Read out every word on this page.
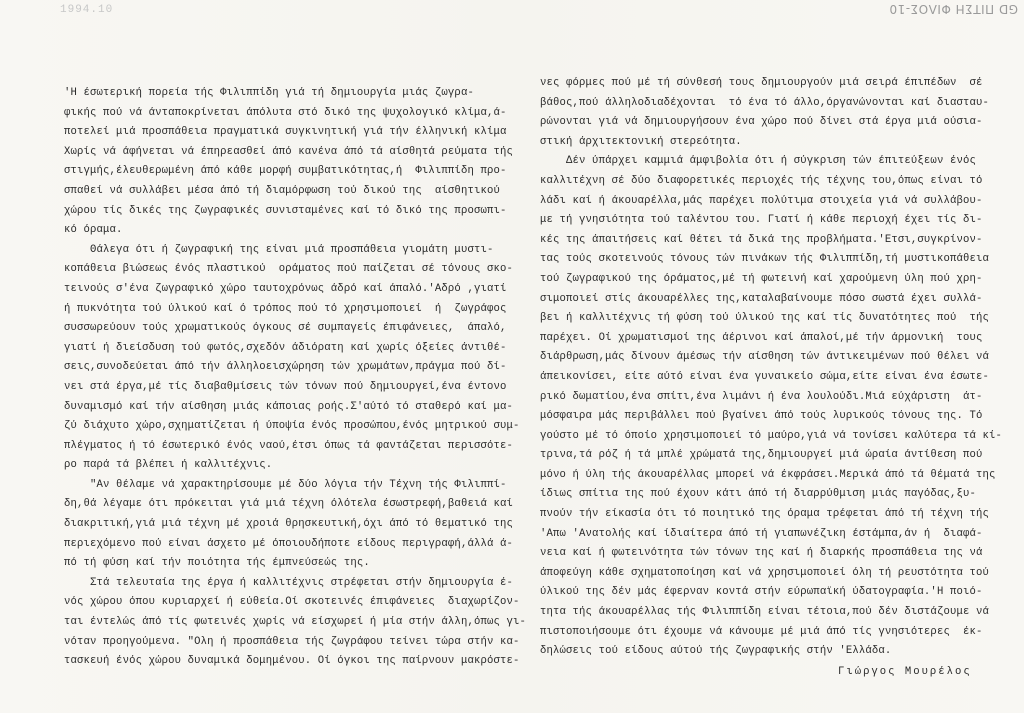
GD ΠΙΤΣΗ ΦΙΛΟΣ-10
1994.10
'Η έσωτερική πορεία τής Φιλιππίδη γιά τή δημιουργία μιάς ζωγρα-
φικής πού νά άνταποκρίνεται άπόλυτα στό δικό της ψυχολογικό κλίμα,ά-
ποτελεί μιά προσπάθεια πραγματικά συγκινητική γιά τήν έλληνική κλίμα
Χωρίς νά άφήνεται νά έπηρεασθεί άπό κανένα άπό τά αίσθητά ρεύματα τής
στιγμής,έλευθερωμένη άπό κάθε μορφή συμβατικότητας,ή  Φιλιππίδη προ-
σπαθεί νά συλλάβει μέσα άπό τή διαμόρφωση τού δικού της  αίσθητικού
χώρου τίς δικές της ζωγραφικές συνισταμένες καί τό δικό της προσωπι-
κό όραμα.
Θάλεγα ότι ή ζωγραφική της είναι μιά προσπάθεια γιομάτη μυστι-
κοπάθεια βιώσεως ένός πλαστικού  οράματος πού παίζεται σέ τόνους σκο-
τεινούς σ'ένα ζωγραφικό χώρο ταυτοχρόνως άδρό καί άπαλό.'Αδρό ,γιατί
ή πυκνότητα τού ύλικού καί ό τρόπος πού τό χρησιμοποιεί  ή  ζωγράφος
συσσωρεύουν τούς χρωματικούς όγκους σέ συμπαγείς έπιφάνειες,  άπαλό,
γιατί ή διείσδυση τού φωτός,σχεδόν άδιόρατη καί χωρίς όξείες άντιθέ-
σεις,συνοδεύεται άπό τήν άλληλοεισχώρηση τών χρωμάτων,πράγμα πού δί-
νει στά έργα,μέ τίς διαβαθμίσεις τών τόνων πού δημιουργεί,ένα έντονο
δυναμισμό καί τήν αίσθηση μιάς κάποιας ροής.Σ'αύτό τό σταθερό καί μα-
ζύ διάχυτο χώρο,σχηματίζεται ή ύποψία ένός προσώπου,ένός μητρικού συμ-
πλέγματος ή τό έσωτερικό ένός ναού,έτσι όπως τά φαντάζεται περισσότε-
ρο παρά τά βλέπει ή καλλιτέχνις.
"Αν θέλαμε νά χαρακτηρίσουμε μέ δύο λόγια τήν Τέχνη τής Φιλιππί-
δη,θά λέγαμε ότι πρόκειται γιά μιά τέχνη όλότελα έσωστρεφή,βαθειά καί
διακριτική,γιά μιά τέχνη μέ χροιά θρησκευτική,όχι άπό τό θεματικό της
περιεχόμενο πού είναι άσχετο μέ όποιουδήποτε είδους περιγραφή,άλλά ά-
πό τή φύση καί τήν ποιότητα τής έμπνεύσεώς της.
Στά τελευταία της έργα ή καλλιτέχνις στρέφεται στήν δημιουργία έ-
νός χώρου όπου κυριαρχεί ή εύθεία.Οί σκοτεινές έπιφάνειες  διαχωρίζον-
ται έντελώς άπό τίς φωτεινές χωρίς νά είσχωρεί ή μία στήν άλλη,όπως γι-
νόταν προηγούμενα. "Ολη ή προσπάθεια τής ζωγράφου τείνει τώρα στήν κα-
τασκευή ένός χώρου δυναμικά δομημένου. Οί όγκοι της παίρνουν μακρόστε-
νες φόρμες πού μέ τή σύνθεσή τους δημιουργούν μιά σειρά έπιπέδων  σέ
βάθος,πού άλληλοδιαδέχονται  τό ένα τό άλλο,όργανώνονται καί διασταυ-
ρώνονται γιά νά δημιουργήσουν ένα χώρο πού δίνει στά έργα μιά ούσια-
στική άρχιτεκτονική στερεότητα.
Δέν ύπάρχει καμμιά άμφιβολία ότι ή σύγκριση τών έπιτεύξεων ένός
καλλιτέχνη σέ δύο διαφορετικές περιοχές τής τέχνης του,όπως είναι τό
λάδι καί ή άκουαρέλλα,μάς παρέχει πολύτιμα στοιχεία γιά νά συλλάβου-
με τή γνησιότητα τού ταλέντου του. Γιατί ή κάθε περιοχή έχει τίς δι-
κές της άπαιτήσεις καί θέτει τά δικά της προβλήματα.'Ετσι,συγκρίνον-
τας τούς σκοτεινούς τόνους τών πινάκων τής Φιλιππίδη,τή μυστικοπάθεια
τού ζωγραφικού της όράματος,μέ τή φωτεινή καί χαρούμενη ύλη πού χρη-
σιμοποιεί στίς άκουαρέλλες της,καταλαβαίνουμε πόσο σωστά έχει συλλά-
βει ή καλλιτέχνις τή φύση τού ύλικού της καί τίς δυνατότητες πού  τής
παρέχει. Οί χρωματισμοί της άέρινοι καί άπαλοί,μέ τήν άρμονική  τους
διάρθρωση,μάς δίνουν άμέσως τήν αίσθηση τών άντικειμένων πού θέλει νά
άπεικονίσει, είτε αύτό είναι ένα γυναικείο σώμα,είτε είναι ένα έσωτε-
ρικό δωματίου,ένα σπίτι,ένα λιμάνι ή ένα λουλούδι.Μιά εύχάριστη  άτ-
μόσφαιρα μάς περιβάλλει πού βγαίνει άπό τούς λυρικούς τόνους της. Τό
γούστο μέ τό όποίο χρησιμοποιεί τό μαύρο,γιά νά τονίσει καλύτερα τά κί-
τρινα,τά ρόζ ή τά μπλέ χρώματά της,δημιουργεί μιά ώραία άντίθεση πού
μόνο ή ύλη τής άκουαρέλλας μπορεί νά έκφράσει.Μερικά άπό τά θέματά της
ίδιως σπίτια της πού έχουν κάτι άπό τή διαρρύθμιση μιάς παγόδας,ξυ-
πνούν τήν είκασία ότι τό ποιητικό της όραμα τρέφεται άπό τή τέχνη τής
'Απω 'Ανατολής καί ίδιαίτερα άπό τή γιαπωνέζικη έστάμπα,άν ή  διαφά-
νεια καί ή φωτεινότητα τών τόνων της καί ή διαρκής προσπάθεια της νά
άποφεύγη κάθε σχηματοποίηση καί νά χρησιμοποιεί όλη τή ρευστότητα τού
ύλικού της δέν μάς έφερναν κοντά στήν εύρωπαϊκή ύδατογραφία.'Η ποιό-
τητα τής άκουαρέλλας τής Φιλιππίδη είναι τέτοια,πού δέν διστάζουμε νά
πιστοποιήσουμε ότι έχουμε νά κάνουμε μέ μιά άπό τίς γνησιότερες  έκ-
δηλώσεις τού είδους αύτού τής ζωγραφικής στήν 'Ελλάδα.
Γιώργος Μουρέλος
